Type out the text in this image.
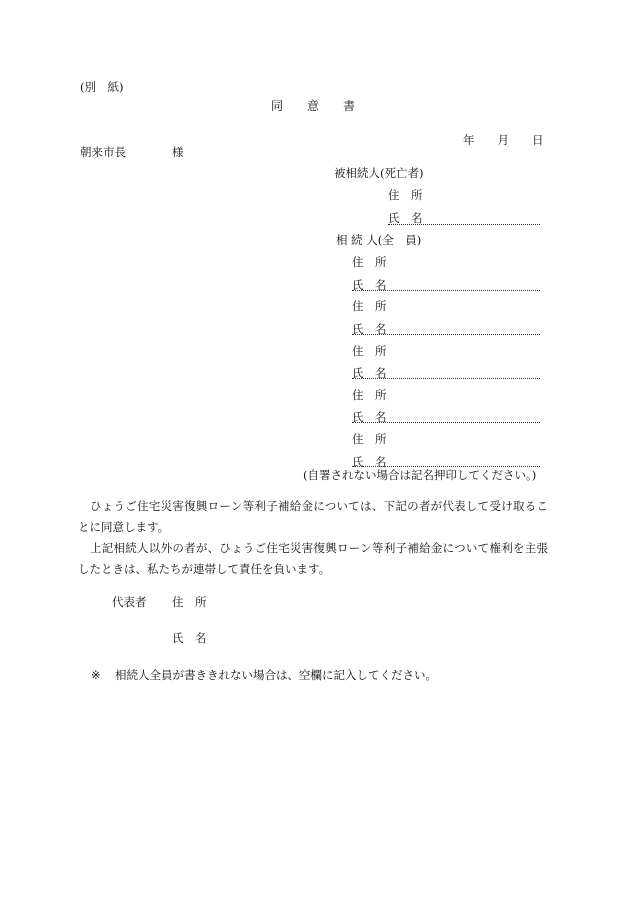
(別　紙)
同　　意　　書
年　　月　　日
朝来市長	様
被相続人(死亡者)
住　所
氏　名
相 続 人(全　員)
住　所
氏　名
住　所
氏　名
住　所
氏　名
住　所
氏　名
住　所
氏　名
(自署されない場合は記名押印してください。)
ひょうご住宅災害復興ローン等利子補給金については、下記の者が代表して受け取ることに同意します。
上記相続人以外の者が、ひょうご住宅災害復興ローン等利子補給金について権利を主張したときは、私たちが連帯して責任を負います。
代表者 住　所
氏　名
※ 相続人全員が書ききれない場合は、空欄に記入してください。
